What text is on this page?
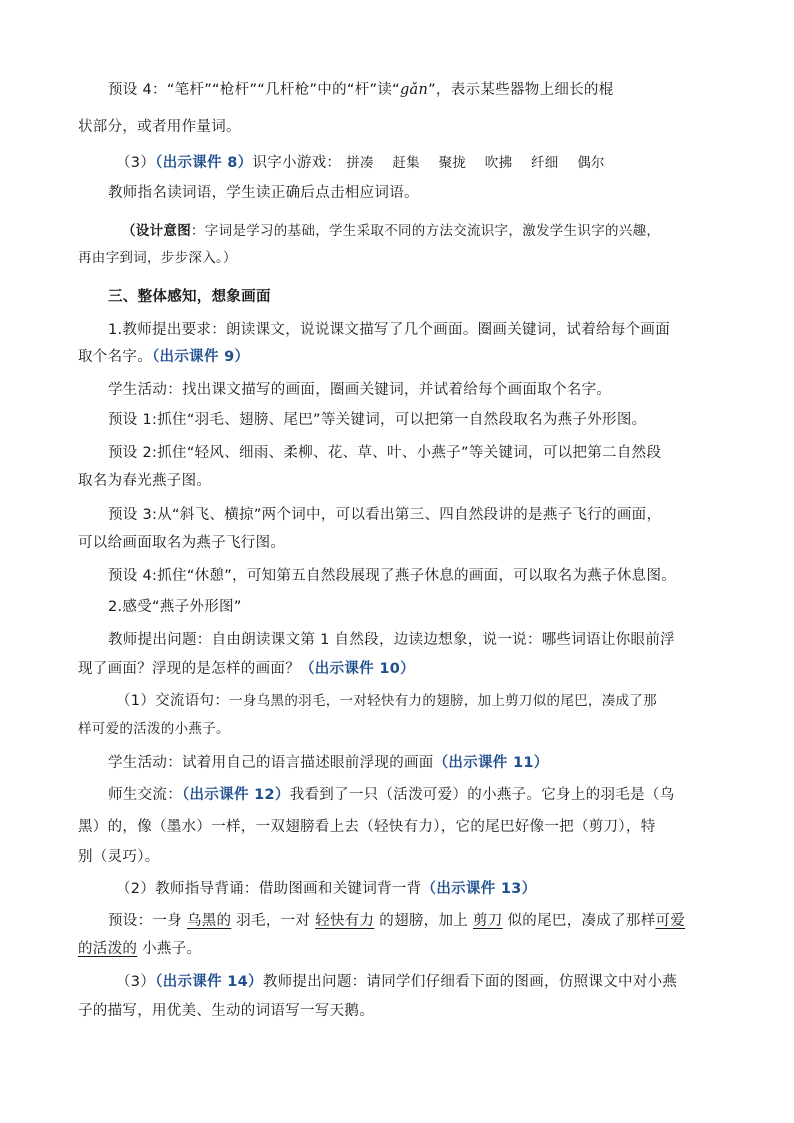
预设 4：“笔杆”“枪杆”“几杆枪”中的“杆”读“gǎn”，表示某些器物上细长的棍
状部分，或者用作量词。
（3）（出示课件 8）识字小游戏： 拼凑 赶集 聚拢 吹拂 纤细 偶尔
教师指名读词语，学生读正确后点击相应词语。
（设计意图：字词是学习的基础，学生采取不同的方法交流识字，激发学生识字的兴趣，
再由字到词，步步深入。）
三、整体感知，想象画面
1.教师提出要求：朗读课文，说说课文描写了几个画面。圈画关键词，试着给每个画面
取个名字。（出示课件 9）
学生活动：找出课文描写的画面，圈画关键词，并试着给每个画面取个名字。
预设 1:抓住“羽毛、翅膀、尾巴”等关键词，可以把第一自然段取名为燕子外形图。
预设 2:抓住“轻风、细雨、柔柳、花、草、叶、小燕子”等关键词，可以把第二自然段
取名为春光燕子图。
预设 3:从“斜飞、横掠”两个词中，可以看出第三、四自然段讲的是燕子飞行的画面，
可以给画面取名为燕子飞行图。
预设 4:抓住“休憩”，可知第五自然段展现了燕子休息的画面，可以取名为燕子休息图。
2.感受“燕子外形图”
教师提出问题：自由朗读课文第 1 自然段，边读边想象，说一说：哪些词语让你眼前浮
现了画面？浮现的是怎样的画面？（出示课件 10）
（1）交流语句：一身乌黑的羽毛，一对轻快有力的翅膀，加上剪刀似的尾巴，凑成了那
样可爱的活泼的小燕子。
学生活动：试着用自己的语言描述眼前浮现的画面（出示课件 11）
师生交流：（出示课件 12）我看到了一只（活泼可爱）的小燕子。它身上的羽毛是（乌
黑）的，像（墨水）一样，一双翅膀看上去（轻快有力），它的尾巴好像一把（剪刀），特
别（灵巧）。
（2）教师指导背诵：借助图画和关键词背一背（出示课件 13）
预设：一身 乌黑的 羽毛，一对 轻快有力 的翅膀，加上 剪刀 似的尾巴，凑成了那样可爱
的活泼的 小燕子。
（3）（出示课件 14）教师提出问题：请同学们仔细看下面的图画，仿照课文中对小燕
子的描写，用优美、生动的词语写一写天鹅。
